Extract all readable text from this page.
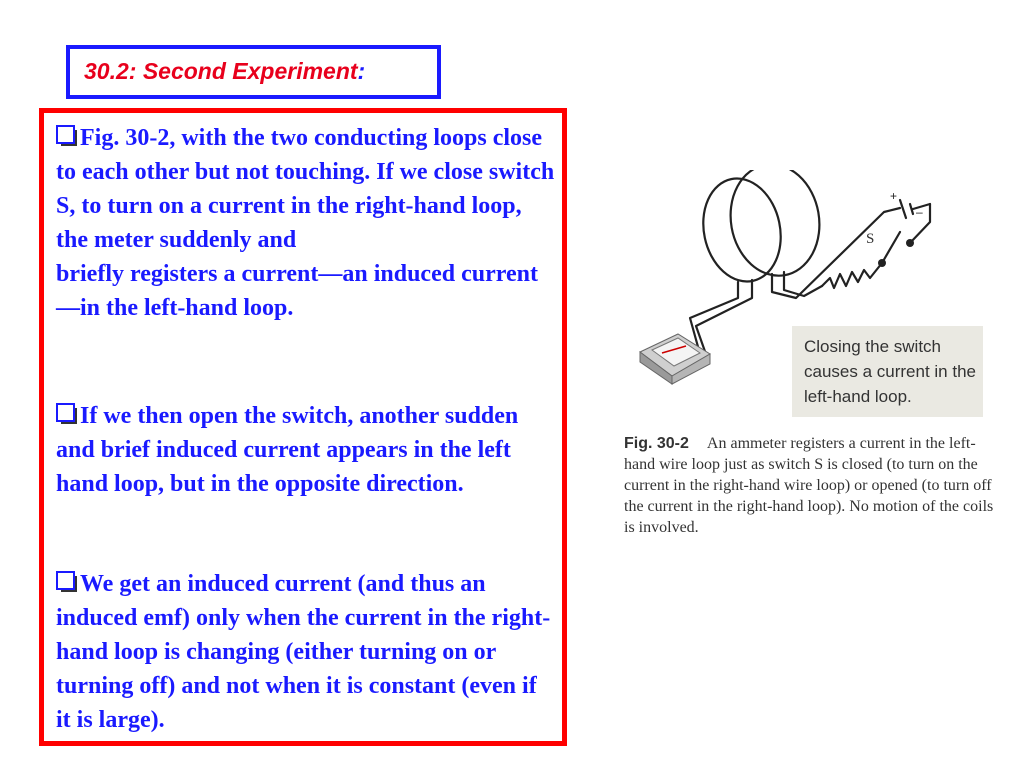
30.2: Second Experiment:
Fig. 30-2, with the two conducting loops close to each other but not touching. If we close switch S, to turn on a current in the right-hand loop, the meter suddenly and
briefly registers a current—an induced current—in the left-hand loop.
If we then open the switch, another sudden and brief induced current appears in the left hand loop, but in the opposite direction.
We get an induced current (and thus an induced emf) only when the current in the right-hand loop is changing (either turning on or turning off) and not when it is constant (even if it is large).
+
–
S
Closing the switch causes a current in the left-hand loop.
Fig. 30-2 An ammeter registers a current in the left-hand wire loop just as switch S is closed (to turn on the current in the right-hand wire loop) or opened (to turn off the current in the right-hand loop). No motion of the coils is involved.
